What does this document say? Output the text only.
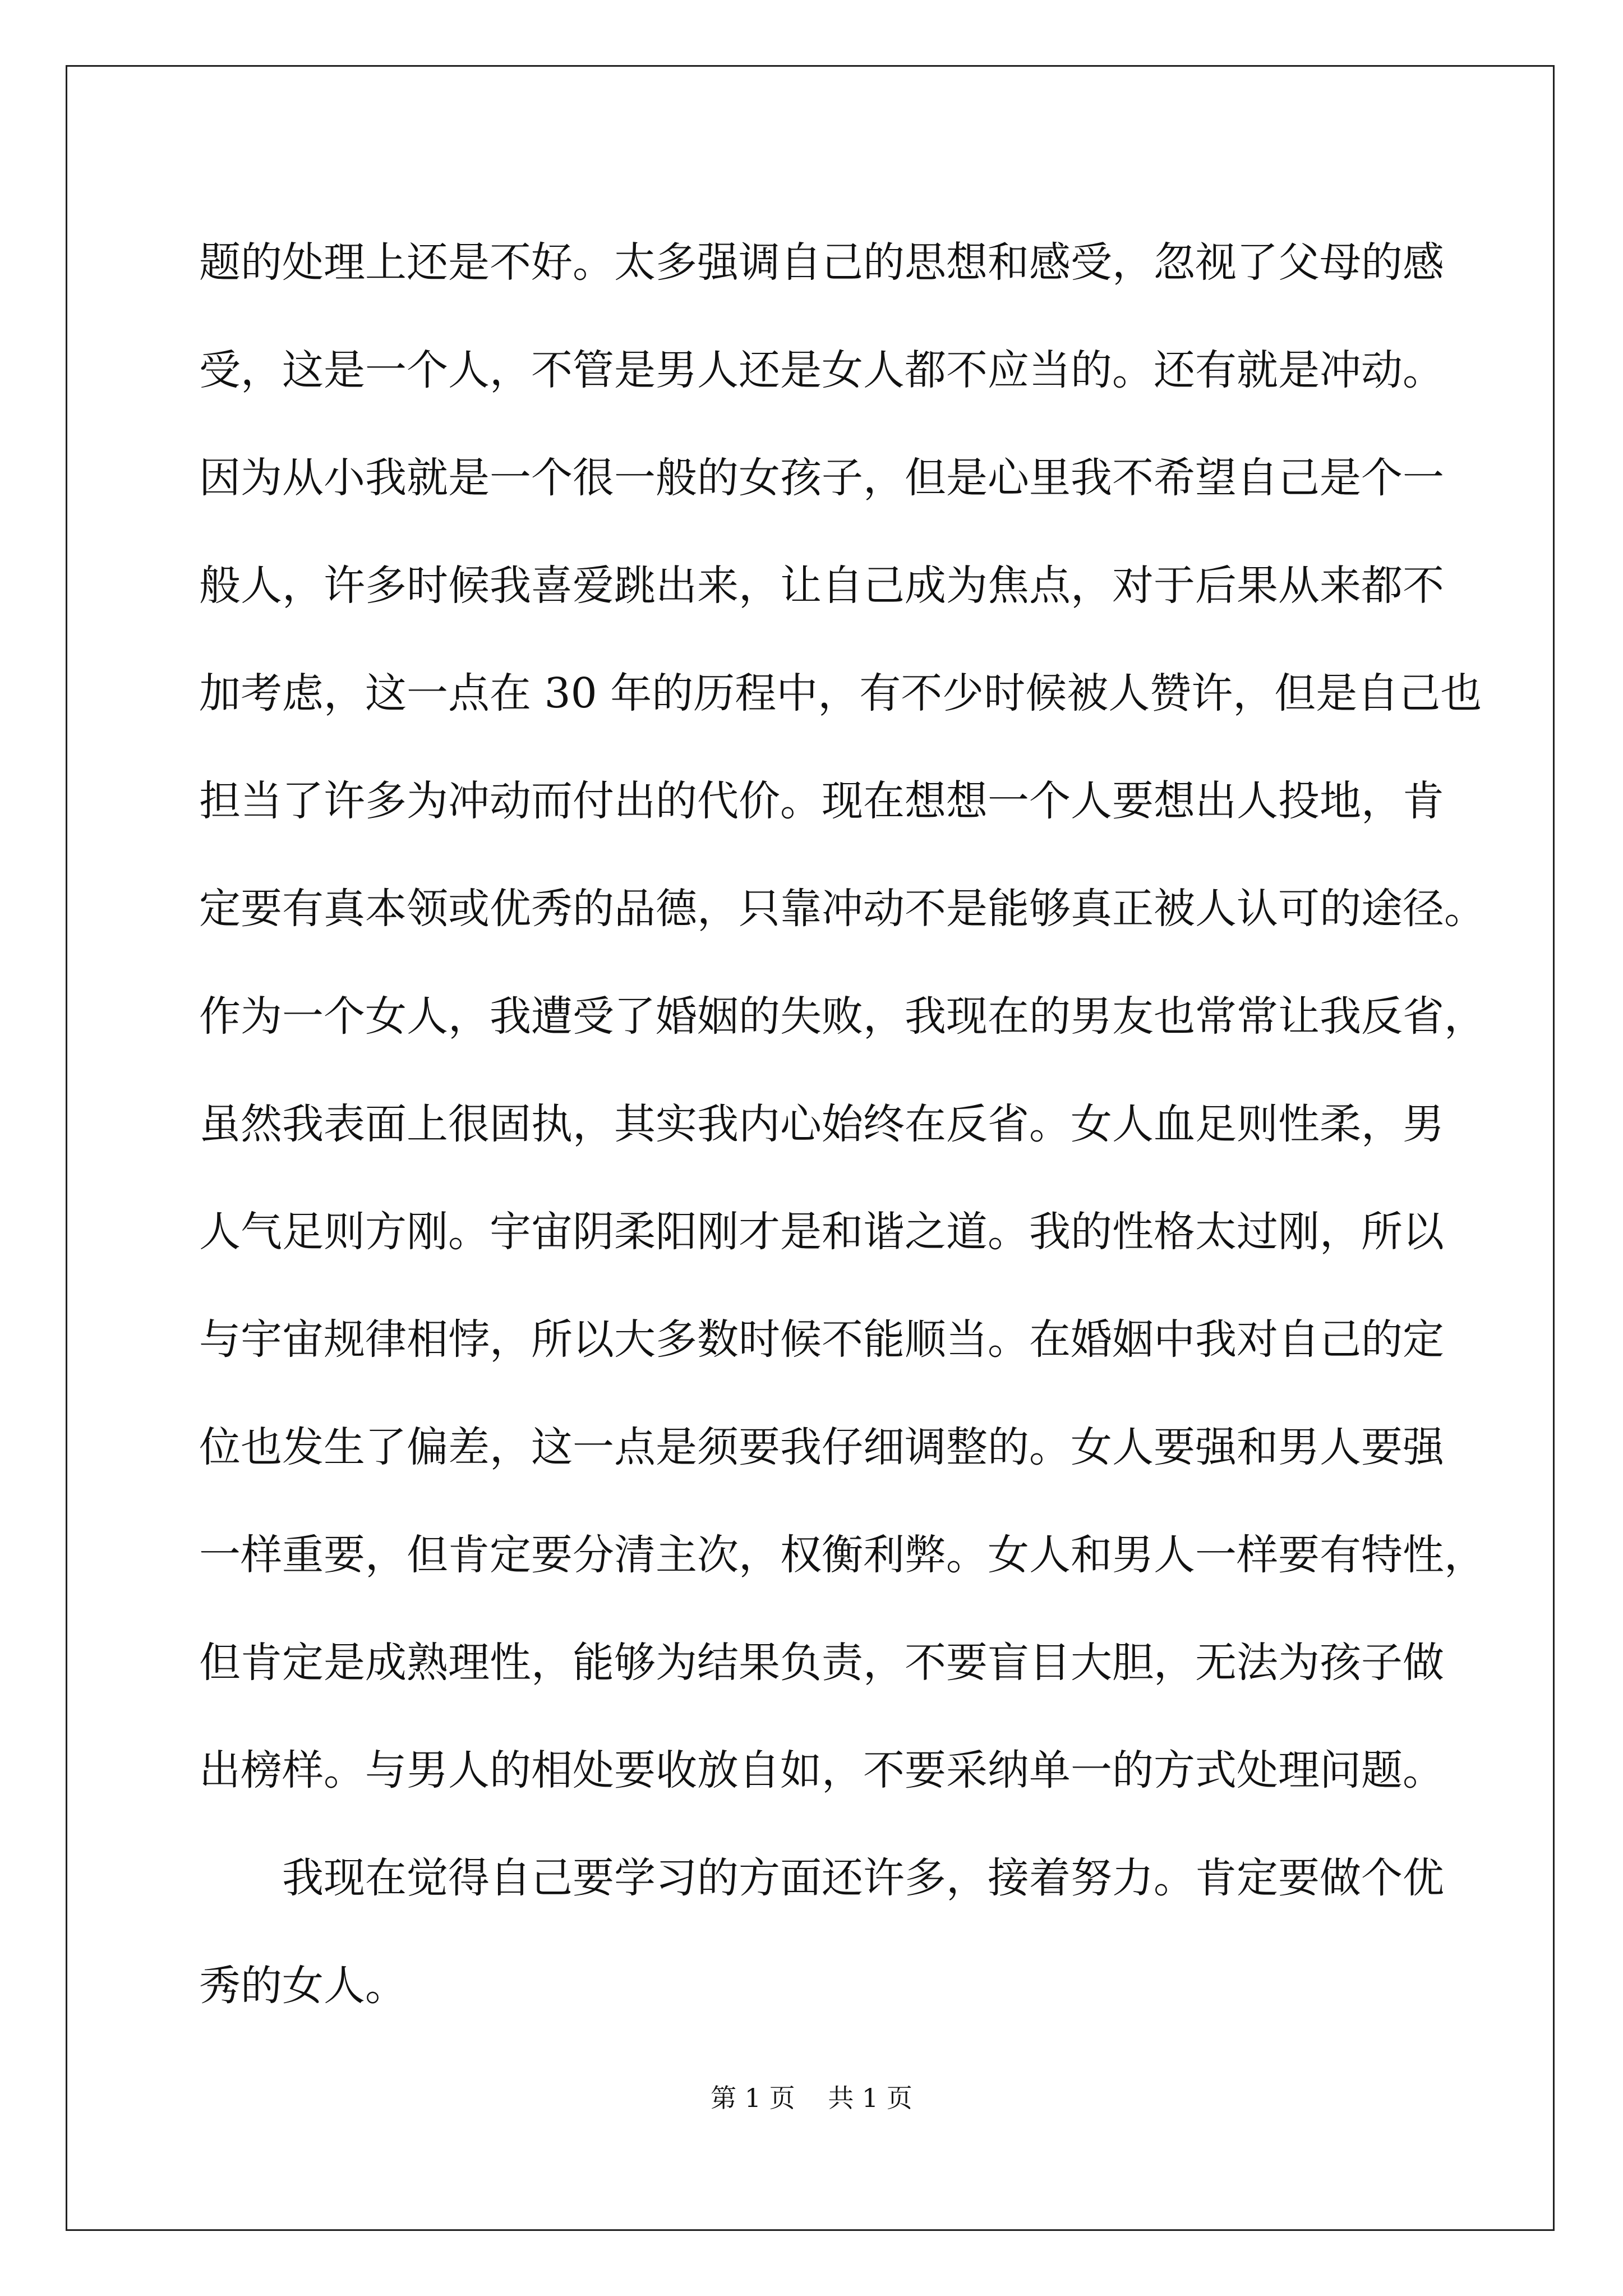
题的处理上还是不好。太多强调自己的思想和感受，忽视了父母的感
受，这是一个人，不管是男人还是女人都不应当的。还有就是冲动。
因为从小我就是一个很一般的女孩子，但是心里我不希望自己是个一
般人，许多时候我喜爱跳出来，让自己成为焦点，对于后果从来都不
加考虑，这一点在 30 年的历程中，有不少时候被人赞许，但是自己也
担当了许多为冲动而付出的代价。现在想想一个人要想出人投地，肯
定要有真本领或优秀的品德，只靠冲动不是能够真正被人认可的途径。
作为一个女人，我遭受了婚姻的失败，我现在的男友也常常让我反省，
虽然我表面上很固执，其实我内心始终在反省。女人血足则性柔，男
人气足则方刚。宇宙阴柔阳刚才是和谐之道。我的性格太过刚，所以
与宇宙规律相悖，所以大多数时候不能顺当。在婚姻中我对自己的定
位也发生了偏差，这一点是须要我仔细调整的。女人要强和男人要强
一样重要，但肯定要分清主次，权衡利弊。女人和男人一样要有特性，
但肯定是成熟理性，能够为结果负责，不要盲目大胆，无法为孩子做
出榜样。与男人的相处要收放自如，不要采纳单一的方式处理问题。
我现在觉得自己要学习的方面还许多，接着努力。肯定要做个优
秀的女人。
第 1 页 共 1 页
